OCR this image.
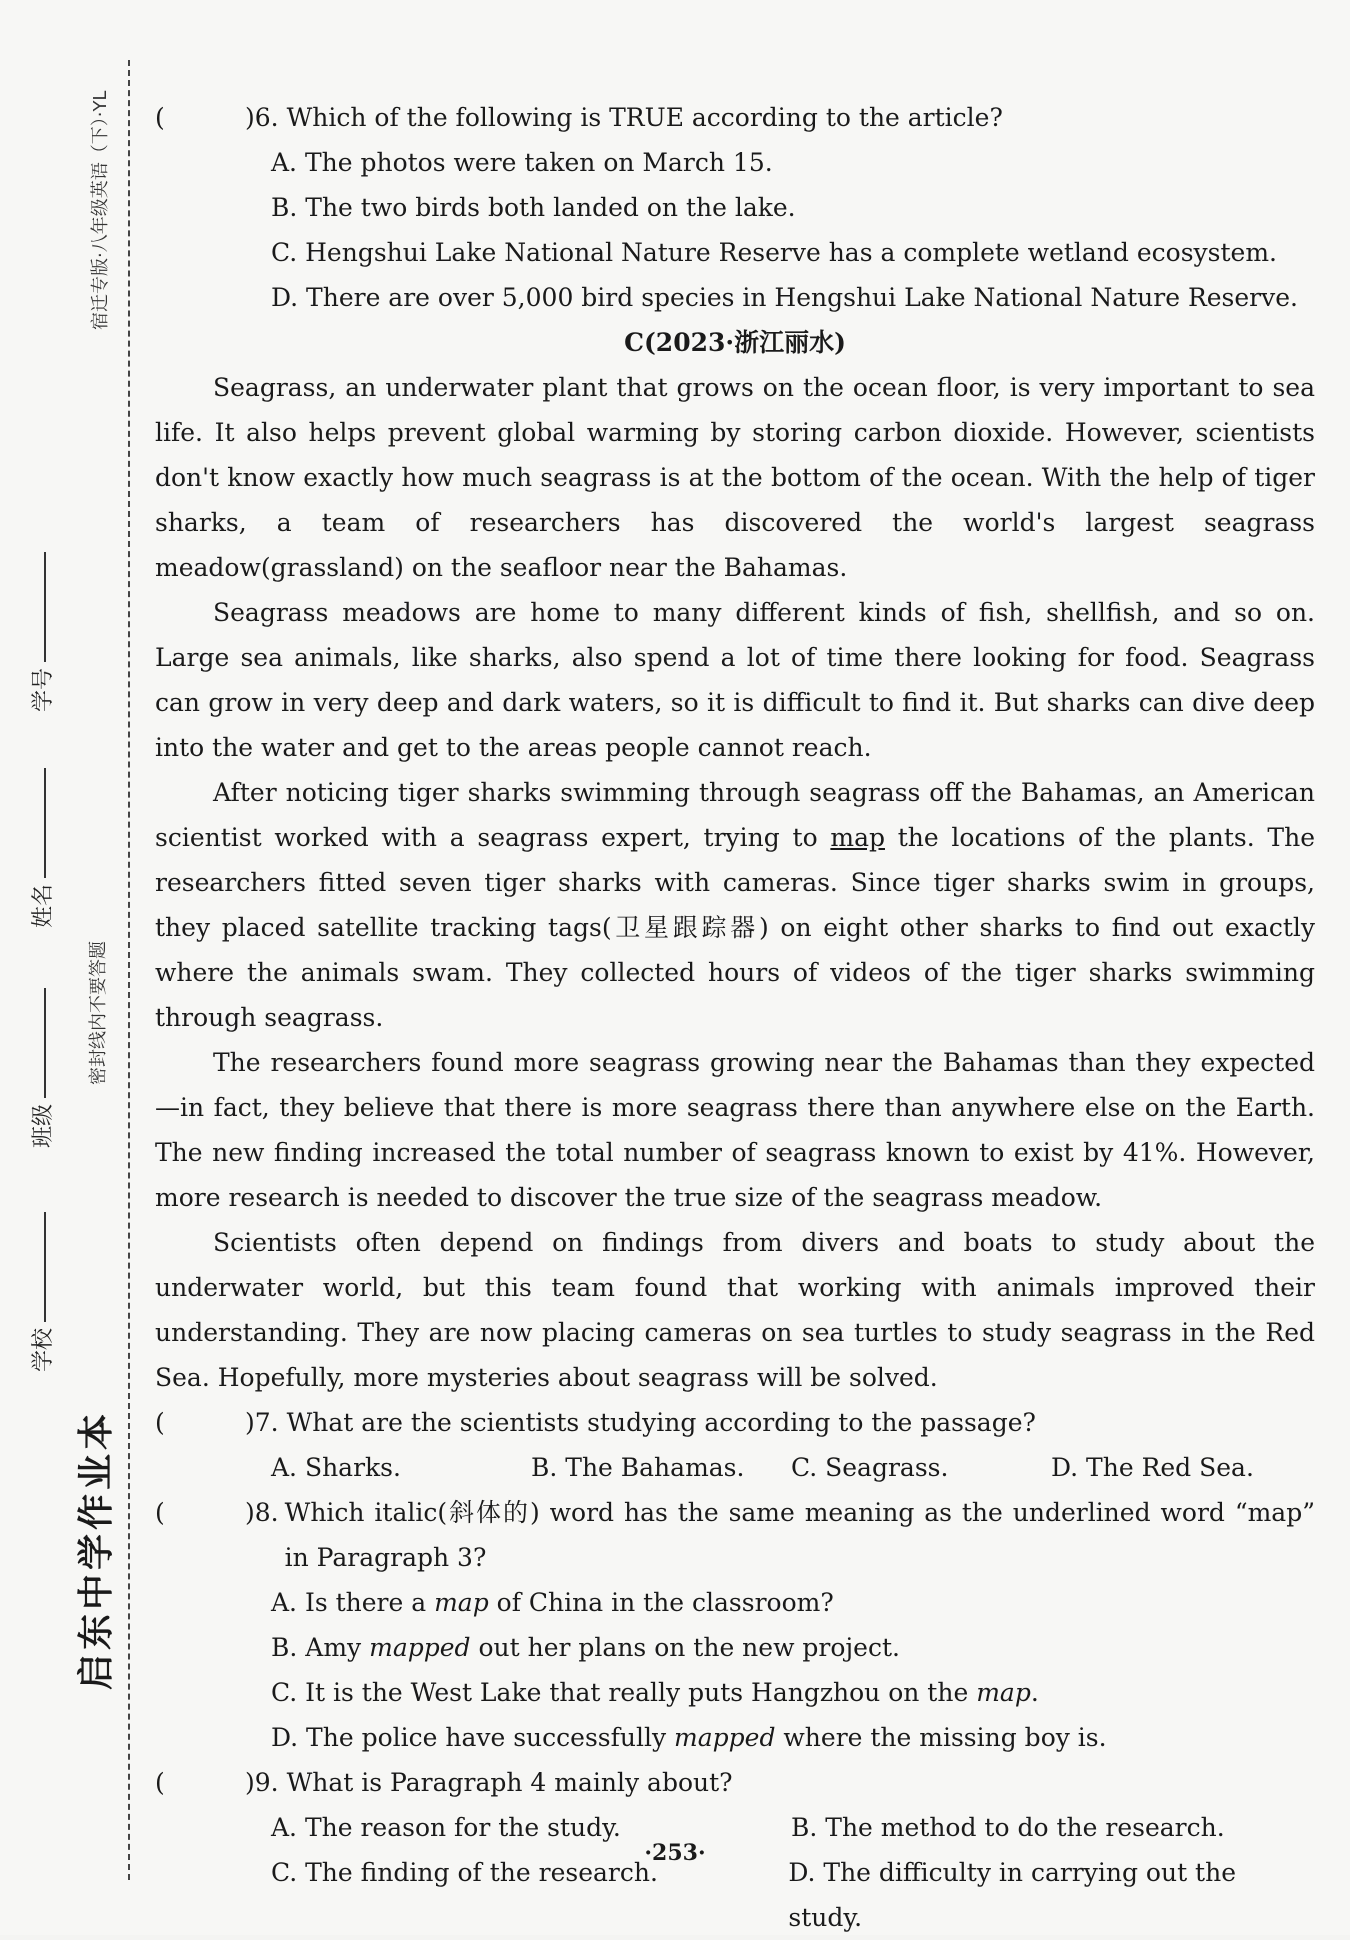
启东中学作业本
学校
班级
姓名
学号
密封线内不要答题
宿迁专版·八年级英语（下）·YL (	)6. Which of the following is TRUE according to the article?
A. The photos were taken on March 15.
B. The two birds both landed on the lake.
C. Hengshui Lake National Nature Reserve has a complete wetland ecosystem.
D. There are over 5,000 bird species in Hengshui Lake National Nature Reserve.

C(2023·浙江丽水)

Seagrass, an underwater plant that grows on the ocean floor, is very important to sea life. It also helps prevent global warming by storing carbon dioxide. However, scientists don't know exactly how much seagrass is at the bottom of the ocean. With the help of tiger sharks, a team of researchers has discovered the world's largest seagrass meadow(grassland) on the seafloor near the Bahamas.

Seagrass meadows are home to many different kinds of fish, shellfish, and so on. Large sea animals, like sharks, also spend a lot of time there looking for food. Seagrass can grow in very deep and dark waters, so it is difficult to find it. But sharks can dive deep into the water and get to the areas people cannot reach.

After noticing tiger sharks swimming through seagrass off the Bahamas, an American scientist worked with a seagrass expert, trying to map the locations of the plants. The researchers fitted seven tiger sharks with cameras. Since tiger sharks swim in groups, they placed satellite tracking tags(卫星跟踪器) on eight other sharks to find out exactly where the animals swam. They collected hours of videos of the tiger sharks swimming through seagrass.

The researchers found more seagrass growing near the Bahamas than they expected—in fact, they believe that there is more seagrass there than anywhere else on the Earth. The new finding increased the total number of seagrass known to exist by 41%. However, more research is needed to discover the true size of the seagrass meadow.

Scientists often depend on findings from divers and boats to study about the underwater world, but this team found that working with animals improved their understanding. They are now placing cameras on sea turtles to study seagrass in the Red Sea. Hopefully, more mysteries about seagrass will be solved.

(	)7. What are the scientists studying according to the passage?
A. Sharks.	B. The Bahamas.	C. Seagrass.	D. The Red Sea.
(	)8. Which italic(斜体的) word has the same meaning as the underlined word “map” in Paragraph 3?
A. Is there a map of China in the classroom?
B. Amy mapped out her plans on the new project.
C. It is the West Lake that really puts Hangzhou on the map.
D. The police have successfully mapped where the missing boy is.
(	)9. What is Paragraph 4 mainly about?
A. The reason for the study.	B. The method to do the research.
C. The finding of the research.	D. The difficulty in carrying out the study.
·253·
